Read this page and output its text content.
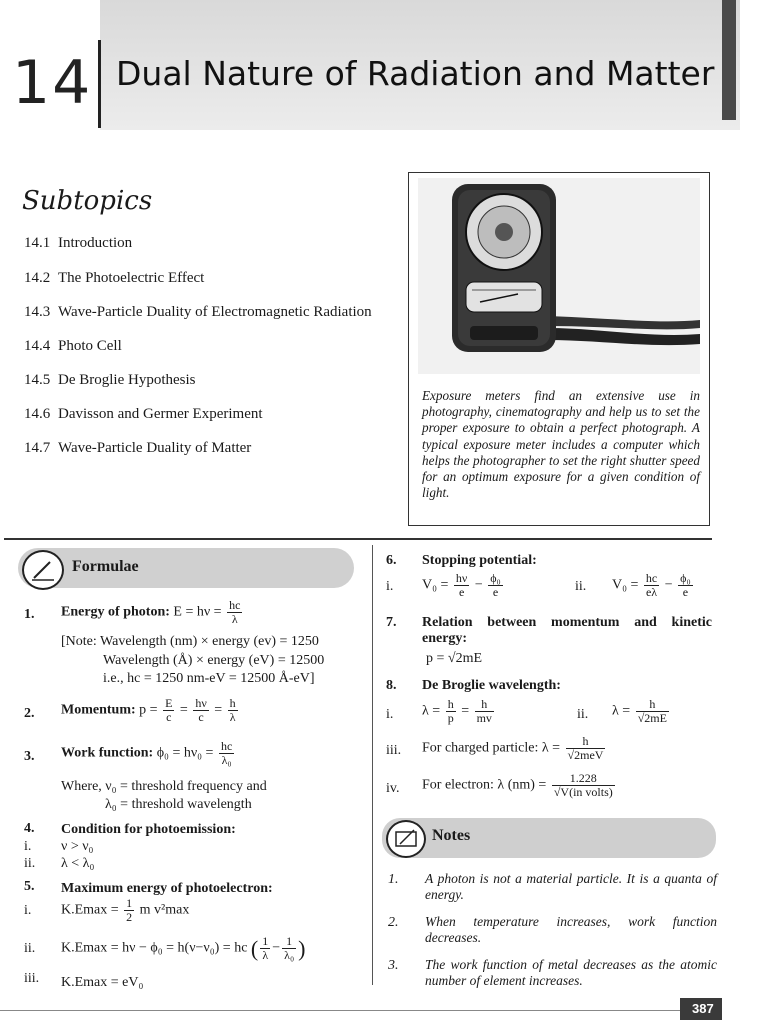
14 Dual Nature of Radiation and Matter
Subtopics
14.1 Introduction
14.2 The Photoelectric Effect
14.3 Wave-Particle Duality of Electromagnetic Radiation
14.4 Photo Cell
14.5 De Broglie Hypothesis
14.6 Davisson and Germer Experiment
14.7 Wave-Particle Duality of Matter
Exposure meters find an extensive use in photography, cinematography and help us to set the proper exposure to obtain a perfect photograph. A typical exposure meter includes a computer which helps the photographer to set the right shutter speed for an optimum exposure for a given condition of light.
Formulae
1. Energy of photon: $E = h\nu = \frac{hc}{\lambda}$
[Note: Wavelength (nm) × energy (ev) = 1250
Wavelength (Å) × energy (eV) = 12500
i.e., hc = 1250 nm-eV = 12500 Å-eV]
2. Momentum: $p = \frac{E}{c} = \frac{h\nu}{c} = \frac{h}{\lambda}$
3. Work function: $\phi_0 = h\nu_0 = \frac{hc}{\text{λ₀}}$
Where, ν₀ = threshold frequency and
λ₀ = threshold wavelength
4. Condition for photoemission:
i. ν > ν₀
ii. λ < λ₀
5. Maximum energy of photoelectron:
i. $K.Emax = \frac{1}{2}$ m v²max
ii. K.Emax = hν − ϕ₀ = h(ν−ν₀) = hc ( $\frac{1}{\lambda} - \frac{1}{\text{λ₀}}$ )
iii. K.Emax = eV₀
6. Stopping potential:
i. $V_0 = \frac{h\nu}{e} - \frac{\text{ϕ₀}}{e}$	ii. $V_0 = \frac{hc}{e\lambda} - \frac{\text{ϕ₀}}{e}$
7. Relation between momentum and kinetic
energy:
p = √2mE
8. De Broglie wavelength:
i. $\lambda = \frac{h}{p} = \frac{h}{mv}$	ii. $\lambda = \frac{h}{√2mE}$
iii. For charged particle: $\lambda = \frac{h}{\text{√2meV}}$
iv. For electron: λ $(nm) = \frac{1.228}{\text{√V(in volts)}}$
Notes
1. A photon is not a material particle. It is a quanta of energy.
2. When temperature increases, work function decreases.
3. The work function of metal decreases as the atomic number of element increases.
387
